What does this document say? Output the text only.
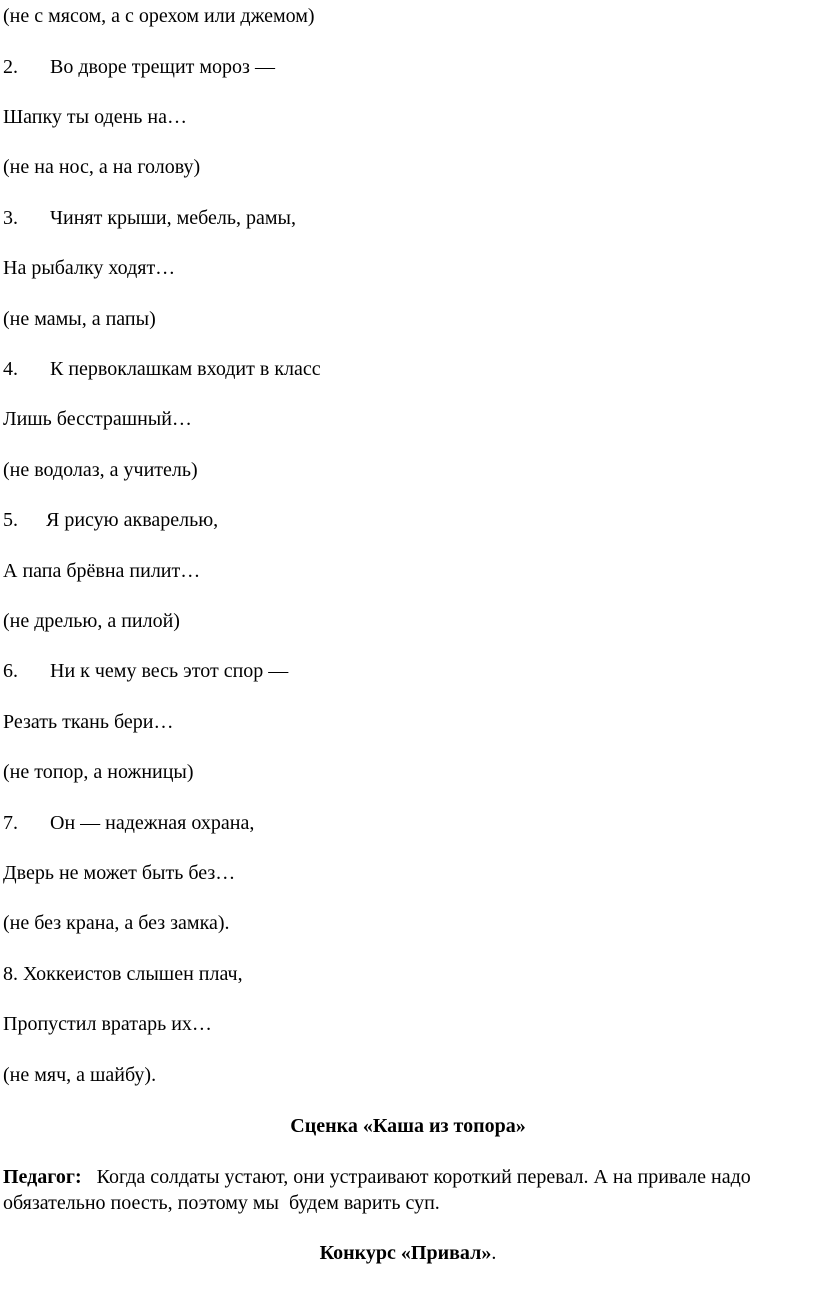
(не с мясом, а с орехом или джемом)
2. Во дворе трещит мороз —
Шапку ты одень на…
(не на нос, а на голову)
3. Чинят крыши, мебель, рамы,
На рыбалку ходят…
(не мамы, а папы)
4. К первоклашкам входит в класс
Лишь бесстрашный…
(не водолаз, а учитель)
5. Я рисую акварелью,
А папа брёвна пилит…
(не дрелью, а пилой)
6. Ни к чему весь этот спор —
Резать ткань бери…
(не топор, а ножницы)
7. Он — надежная охрана,
Дверь не может быть без…
(не без крана, а без замка).
8. Хоккеистов слышен плач,
Пропустил вратарь их…
(не мяч, а шайбу).
Сценка «Каша из топора»
Педагог:   Когда солдаты устают, они устраивают короткий перевал. А на привале надо обязательно поесть, поэтому мы  будем варить суп.
Конкурс «Привал».
